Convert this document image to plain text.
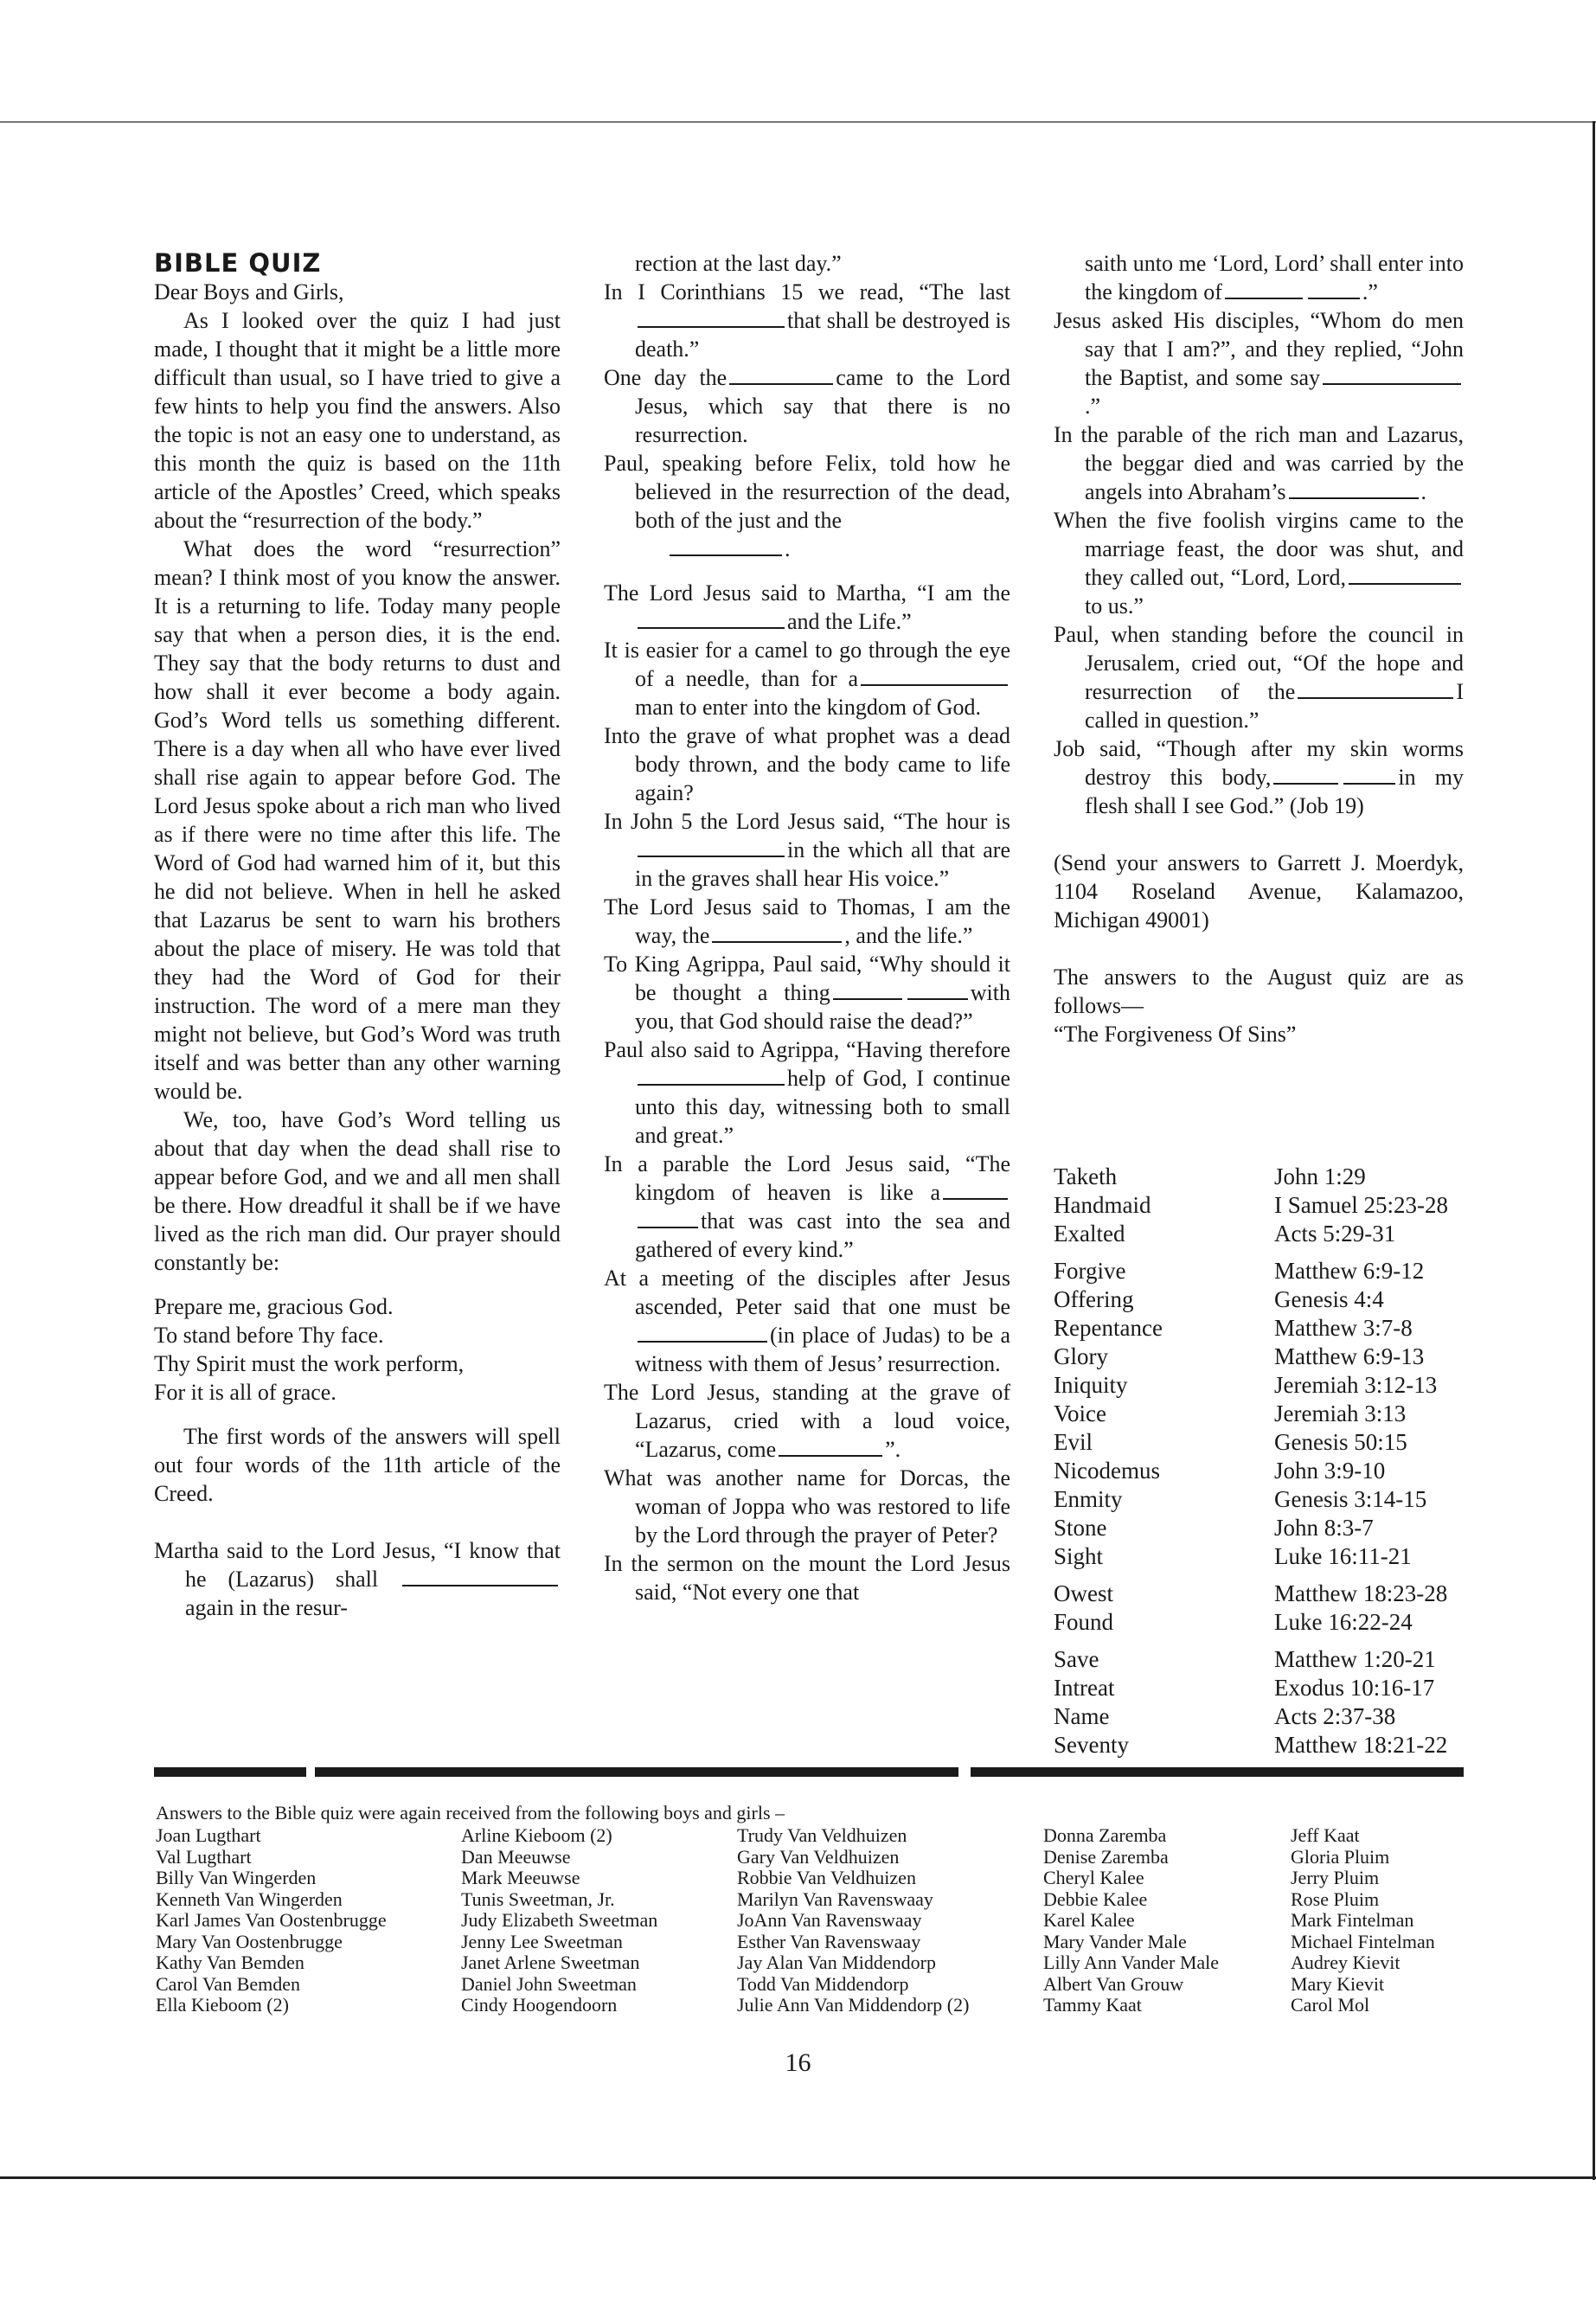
BIBLE QUIZ

Dear Boys and Girls,

As I looked over the quiz I had just made, I thought that it might be a little more difficult than usual, so I have tried to give a few hints to help you find the answers. Also the topic is not an easy one to understand, as this month the quiz is based on the 11th article of the Apostles’ Creed, which speaks about the “resurrection of the body.”

What does the word “resurrection” mean? I think most of you know the answer. It is a returning to life. Today many people say that when a person dies, it is the end. They say that the body returns to dust and how shall it ever become a body again. God’s Word tells us something different. There is a day when all who have ever lived shall rise again to appear before God. The Lord Jesus spoke about a rich man who lived as if there were no time after this life. The Word of God had warned him of it, but this he did not believe. When in hell he asked that Lazarus be sent to warn his brothers about the place of misery. He was told that they had the Word of God for their instruction. The word of a mere man they might not believe, but God’s Word was truth itself and was better than any other warning would be.

We, too, have God’s Word telling us about that day when the dead shall rise to appear before God, and we and all men shall be there. How dreadful it shall be if we have lived as the rich man did. Our prayer should constantly be:

Prepare me, gracious God.

To stand before Thy face.

Thy Spirit must the work perform,

For it is all of grace.

The first words of the answers will spell out four words of the 11th article of the Creed.

Martha said to the Lord Jesus, “I know that he (Lazarus) shall  again in the resur-

rection at the last day.”

In I Corinthians 15 we read, “The lastthat shall be destroyed is death.”

One day the	came to the Lord Jesus, which say that there is no resurrection.

Paul, speaking before Felix, told how he believed in the resurrection of the dead, both of the just and the
.

The Lord Jesus said to Martha, “I am theand the Life.”

It is easier for a camel to go through the eye of a needle, than for aman to enter into the kingdom of God.

Into the grave of what prophet was a dead body thrown, and the body came to life again?

In John 5 the Lord Jesus said, “The hour isin the which all that are in the graves shall hear His voice.”

The Lord Jesus said to Thomas, I am the way, the	, and the life.”

To King Agrippa, Paul said, “Why should it be thought a thing	with you, that God should raise the dead?”

Paul also said to Agrippa, “Having thereforehelp of God, I continue unto this day, witnessing both to small and great.”

In a parable the Lord Jesus said, “The kingdom of heaven is like athat was cast into the sea and gathered of every kind.”

At a meeting of the disciples after Jesus ascended, Peter said that one must be(in place of Judas) to be a witness with them of Jesus’ resurrection.

The Lord Jesus, standing at the grave of Lazarus, cried with a loud voice, “Lazarus, come	”.

What was another name for Dorcas, the woman of Joppa who was restored to life by the Lord through the prayer of Peter?

In the sermon on the mount the Lord Jesus said, “Not every one that

saith unto me ‘Lord, Lord’ shall enter into the kingdom of	.”

Jesus asked His disciples, “Whom do men say that I am?”, and they replied, “John the Baptist, and some say.”

In the parable of the rich man and Lazarus, the beggar died and was carried by the angels into Abraham’s	.

When the five foolish virgins came to the marriage feast, the door was shut, and they called out, “Lord, Lord,to us.”

Paul, when standing before the council in Jerusalem, cried out, “Of the hope and resurrection of the	I called in question.”

Job said, “Though after my skin worms destroy this body,	in my flesh shall I see God.” (Job 19)

(Send your answers to Garrett J. Moerdyk, 1104 Roseland Avenue, Kalamazoo, Michigan 49001)

The answers to the August quiz are as follows—

“The Forgiveness Of Sins”

Taketh	John 1:29
Handmaid	I Samuel 25:23-28
Exalted	Acts 5:29-31
Forgive	Matthew 6:9-12
Offering	Genesis 4:4
Repentance	Matthew 3:7-8
Glory	Matthew 6:9-13
Iniquity	Jeremiah 3:12-13
Voice	Jeremiah 3:13
Evil	Genesis 50:15
Nicodemus	John 3:9-10
Enmity	Genesis 3:14-15
Stone	John 8:3-7
Sight	Luke 16:11-21
Owest	Matthew 18:23-28
Found	Luke 16:22-24
Save	Matthew 1:20-21
Intreat	Exodus 10:16-17
Name	Acts 2:37-38
Seventy	Matthew 18:21-22
Answers to the Bible quiz were again received from the following boys and girls –
Joan Lugthart
Val Lugthart
Billy Van Wingerden
Kenneth Van Wingerden
Karl James Van Oostenbrugge
Mary Van Oostenbrugge
Kathy Van Bemden
Carol Van Bemden
Ella Kieboom (2)
Arline Kieboom (2)
Dan Meeuwse
Mark Meeuwse
Tunis Sweetman, Jr.
Judy Elizabeth Sweetman
Jenny Lee Sweetman
Janet Arlene Sweetman
Daniel John Sweetman
Cindy Hoogendoorn
Trudy Van Veldhuizen
Gary Van Veldhuizen
Robbie Van Veldhuizen
Marilyn Van Ravenswaay
JoAnn Van Ravenswaay
Esther Van Ravenswaay
Jay Alan Van Middendorp
Todd Van Middendorp
Julie Ann Van Middendorp (2)
Donna Zaremba
Denise Zaremba
Cheryl Kalee
Debbie Kalee
Karel Kalee
Mary Vander Male
Lilly Ann Vander Male
Albert Van Grouw
Tammy Kaat
Jeff Kaat
Gloria Pluim
Jerry Pluim
Rose Pluim
Mark Fintelman
Michael Fintelman
Audrey Kievit
Mary Kievit
Carol Mol
16
